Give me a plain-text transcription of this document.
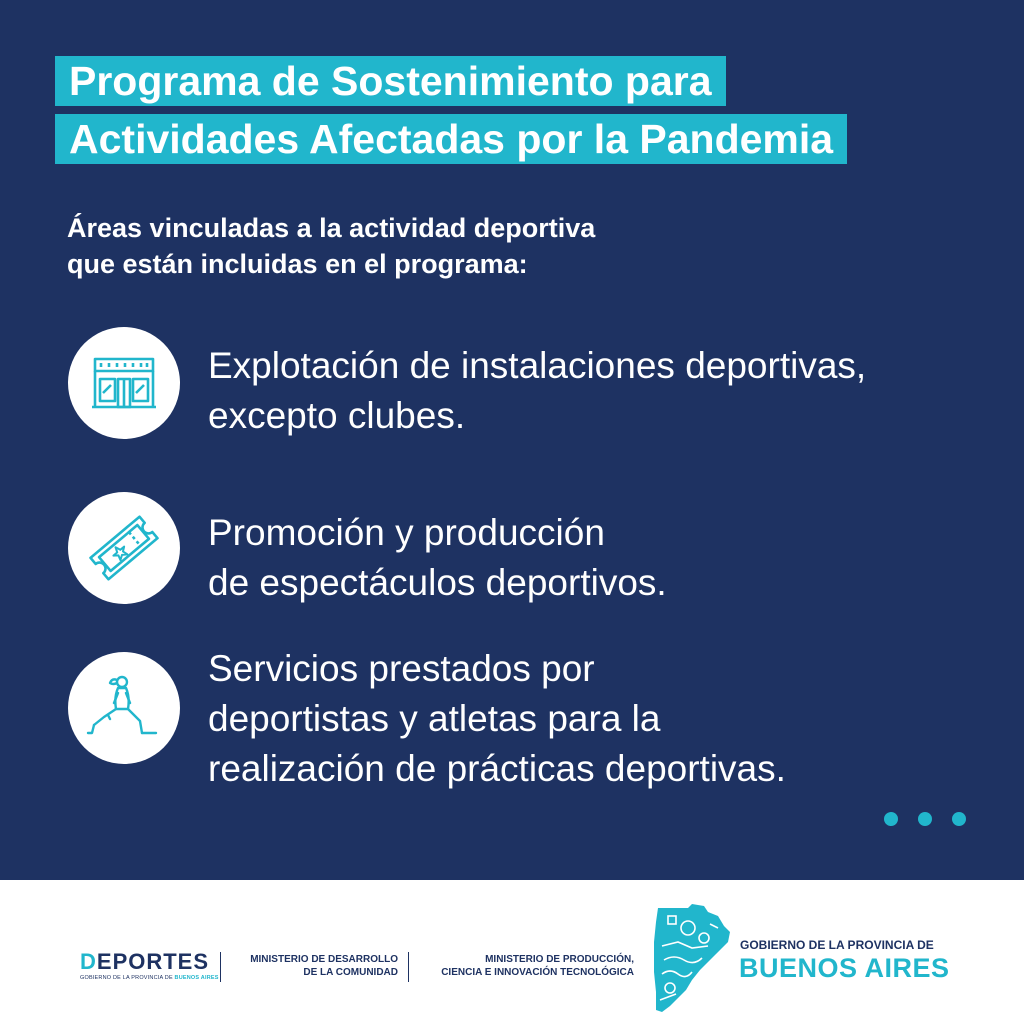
Programa de Sostenimiento para
Actividades Afectadas por la Pandemia
Áreas vinculadas a la actividad deportiva
que están incluidas en el programa:
Explotación de instalaciones deportivas,
excepto clubes.
Promoción y producción
de espectáculos deportivos.
Servicios prestados por
deportistas y atletas para la
realización de prácticas deportivas.
DEPORTES
GOBIERNO DE LA PROVINCIA DE BUENOS AIRES
MINISTERIO DE DESARROLLO
DE LA COMUNIDAD
MINISTERIO DE PRODUCCIÓN,
CIENCIA E INNOVACIÓN TECNOLÓGICA
GOBIERNO DE LA PROVINCIA DE
BUENOS AIRES
